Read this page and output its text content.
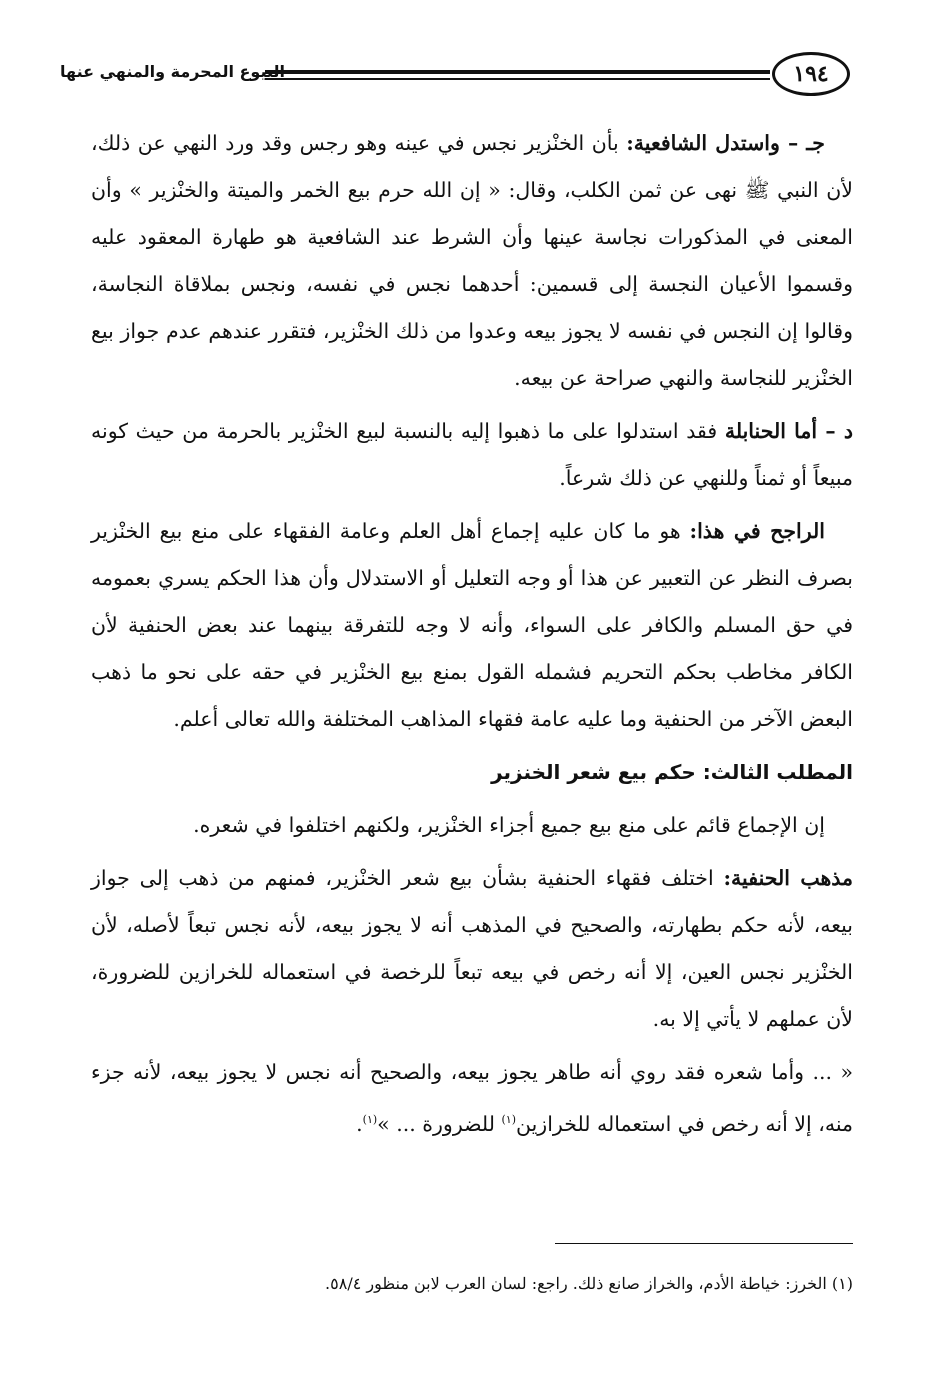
البيوع المحرمة والمنهي عنها	١٩٤

جـ – واستدل الشافعية: بأن الخنْزير نجس في عينه وهو رجس وقد ورد النهي عن ذلك، لأن النبي ﷺ نهى عن ثمن الكلب، وقال: « إن الله حرم بيع الخمر والميتة والخنْزير » وأن المعنى في المذكورات نجاسة عينها وأن الشرط عند الشافعية هو طهارة المعقود عليه وقسموا الأعيان النجسة إلى قسمين: أحدهما نجس في نفسه، ونجس بملاقاة النجاسة، وقالوا إن النجس في نفسه لا يجوز بيعه وعدوا من ذلك الخنْزير، فتقرر عندهم عدم جواز بيع الخنْزير للنجاسة والنهي صراحة عن بيعه.

د – أما الحنابلة فقد استدلوا على ما ذهبوا إليه بالنسبة لبيع الخنْزير بالحرمة من حيث كونه مبيعاً أو ثمناً وللنهي عن ذلك شرعاً.

الراجح في هذا: هو ما كان عليه إجماع أهل العلم وعامة الفقهاء على منع بيع الخنْزير بصرف النظر عن التعبير عن هذا أو وجه التعليل أو الاستدلال وأن هذا الحكم يسري بعمومه في حق المسلم والكافر على السواء، وأنه لا وجه للتفرقة بينهما عند بعض الحنفية لأن الكافر مخاطب بحكم التحريم فشمله القول بمنع بيع الخنْزير في حقه على نحو ما ذهب البعض الآخر من الحنفية وما عليه عامة فقهاء المذاهب المختلفة والله تعالى أعلم.

المطلب الثالث: حكم بيع شعر الخنزير

إن الإجماع قائم على منع بيع جميع أجزاء الخنْزير، ولكنهم اختلفوا في شعره.

مذهب الحنفية: اختلف فقهاء الحنفية بشأن بيع شعر الخنْزير، فمنهم من ذهب إلى جواز بيعه، لأنه حكم بطهارته، والصحيح في المذهب أنه لا يجوز بيعه، لأنه نجس تبعاً لأصله، لأن الخنْزير نجس العين، إلا أنه رخص في بيعه تبعاً للرخصة في استعماله للخرازين للضرورة، لأن عملهم لا يأتي إلا به.

« ... وأما شعره فقد روي أنه طاهر يجوز بيعه، والصحيح أنه نجس لا يجوز بيعه، لأنه جزء منه، إلا أنه رخص في استعماله للخرازين$^{(١)}$ للضرورة ... »$^{(١)}$.

(١) الخرز: خياطة الأدم، والخراز صانع ذلك. راجع: لسان العرب لابن منظور ٥٨/٤.
